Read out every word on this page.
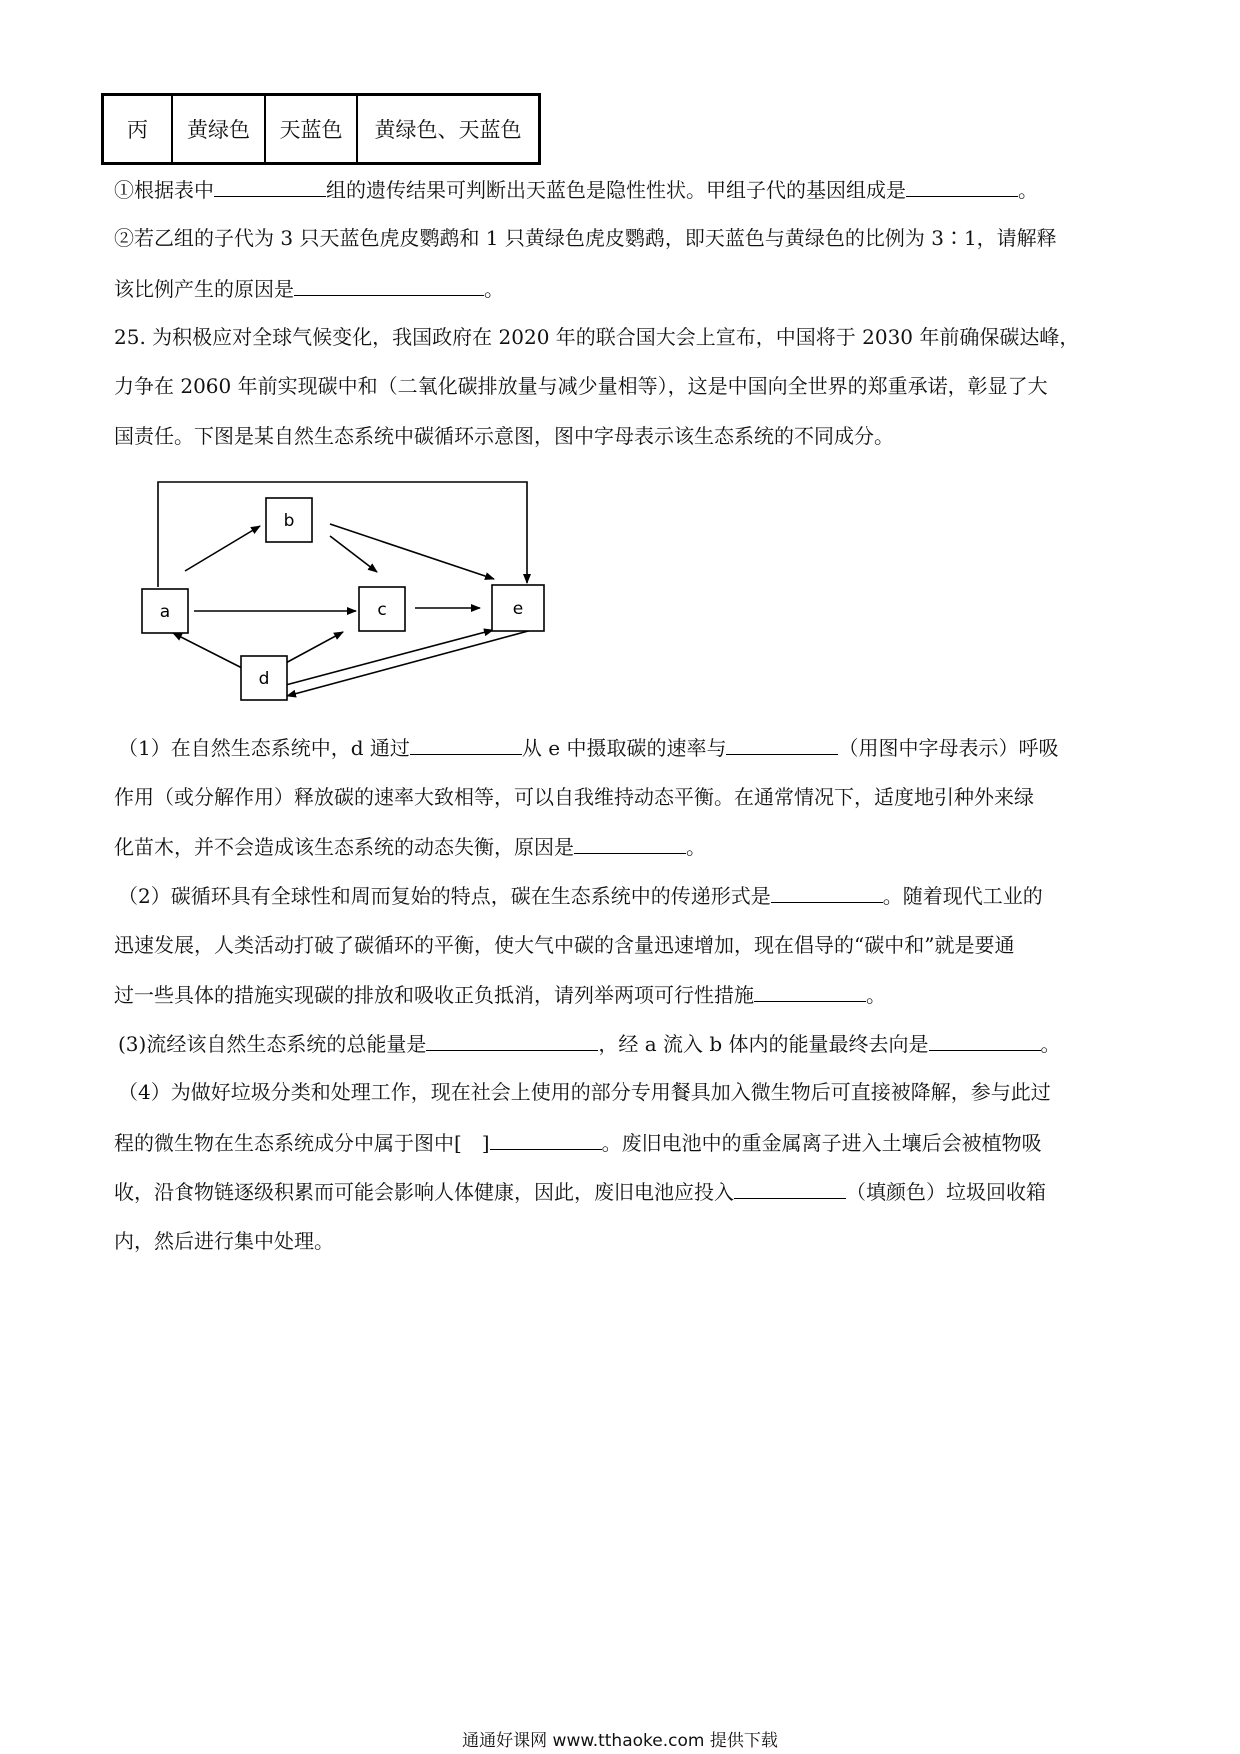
丙	黄绿色	天蓝色	黄绿色、天蓝色
①根据表中	组的遗传结果可判断出天蓝色是隐性性状。甲组子代的基因组成是	。
②若乙组的子代为 3 只天蓝色虎皮鹦鹉和 1 只黄绿色虎皮鹦鹉，即天蓝色与黄绿色的比例为 3∶1，请解释
该比例产生的原因是	。
25. 为积极应对全球气候变化，我国政府在 2020 年的联合国大会上宣布，中国将于 2030 年前确保碳达峰，
力争在 2060 年前实现碳中和（二氧化碳排放量与减少量相等），这是中国向全世界的郑重承诺，彰显了大
国责任。下图是某自然生态系统中碳循环示意图，图中字母表示该生态系统的不同成分。
a
b
c
d
e
（1）在自然生态系统中，d 通过	从 e 中摄取碳的速率与	（用图中字母表示）呼吸
作用（或分解作用）释放碳的速率大致相等，可以自我维持动态平衡。在通常情况下，适度地引种外来绿
化苗木，并不会造成该生态系统的动态失衡，原因是	。
（2）碳循环具有全球性和周而复始的特点，碳在生态系统中的传递形式是	。随着现代工业的
迅速发展，人类活动打破了碳循环的平衡，使大气中碳的含量迅速增加，现在倡导的“碳中和”就是要通
过一些具体的措施实现碳的排放和吸收正负抵消，请列举两项可行性措施	。
(3)流经该自然生态系统的总能量是	，经 a 流入 b 体内的能量最终去向是	。
（4）为做好垃圾分类和处理工作，现在社会上使用的部分专用餐具加入微生物后可直接被降解，参与此过
程的微生物在生态系统成分中属于图中[　]	。废旧电池中的重金属离子进入土壤后会被植物吸
收，沿食物链逐级积累而可能会影响人体健康，因此，废旧电池应投入	（填颜色）垃圾回收箱
内，然后进行集中处理。
通通好课网 www.tthaoke.com 提供下载
